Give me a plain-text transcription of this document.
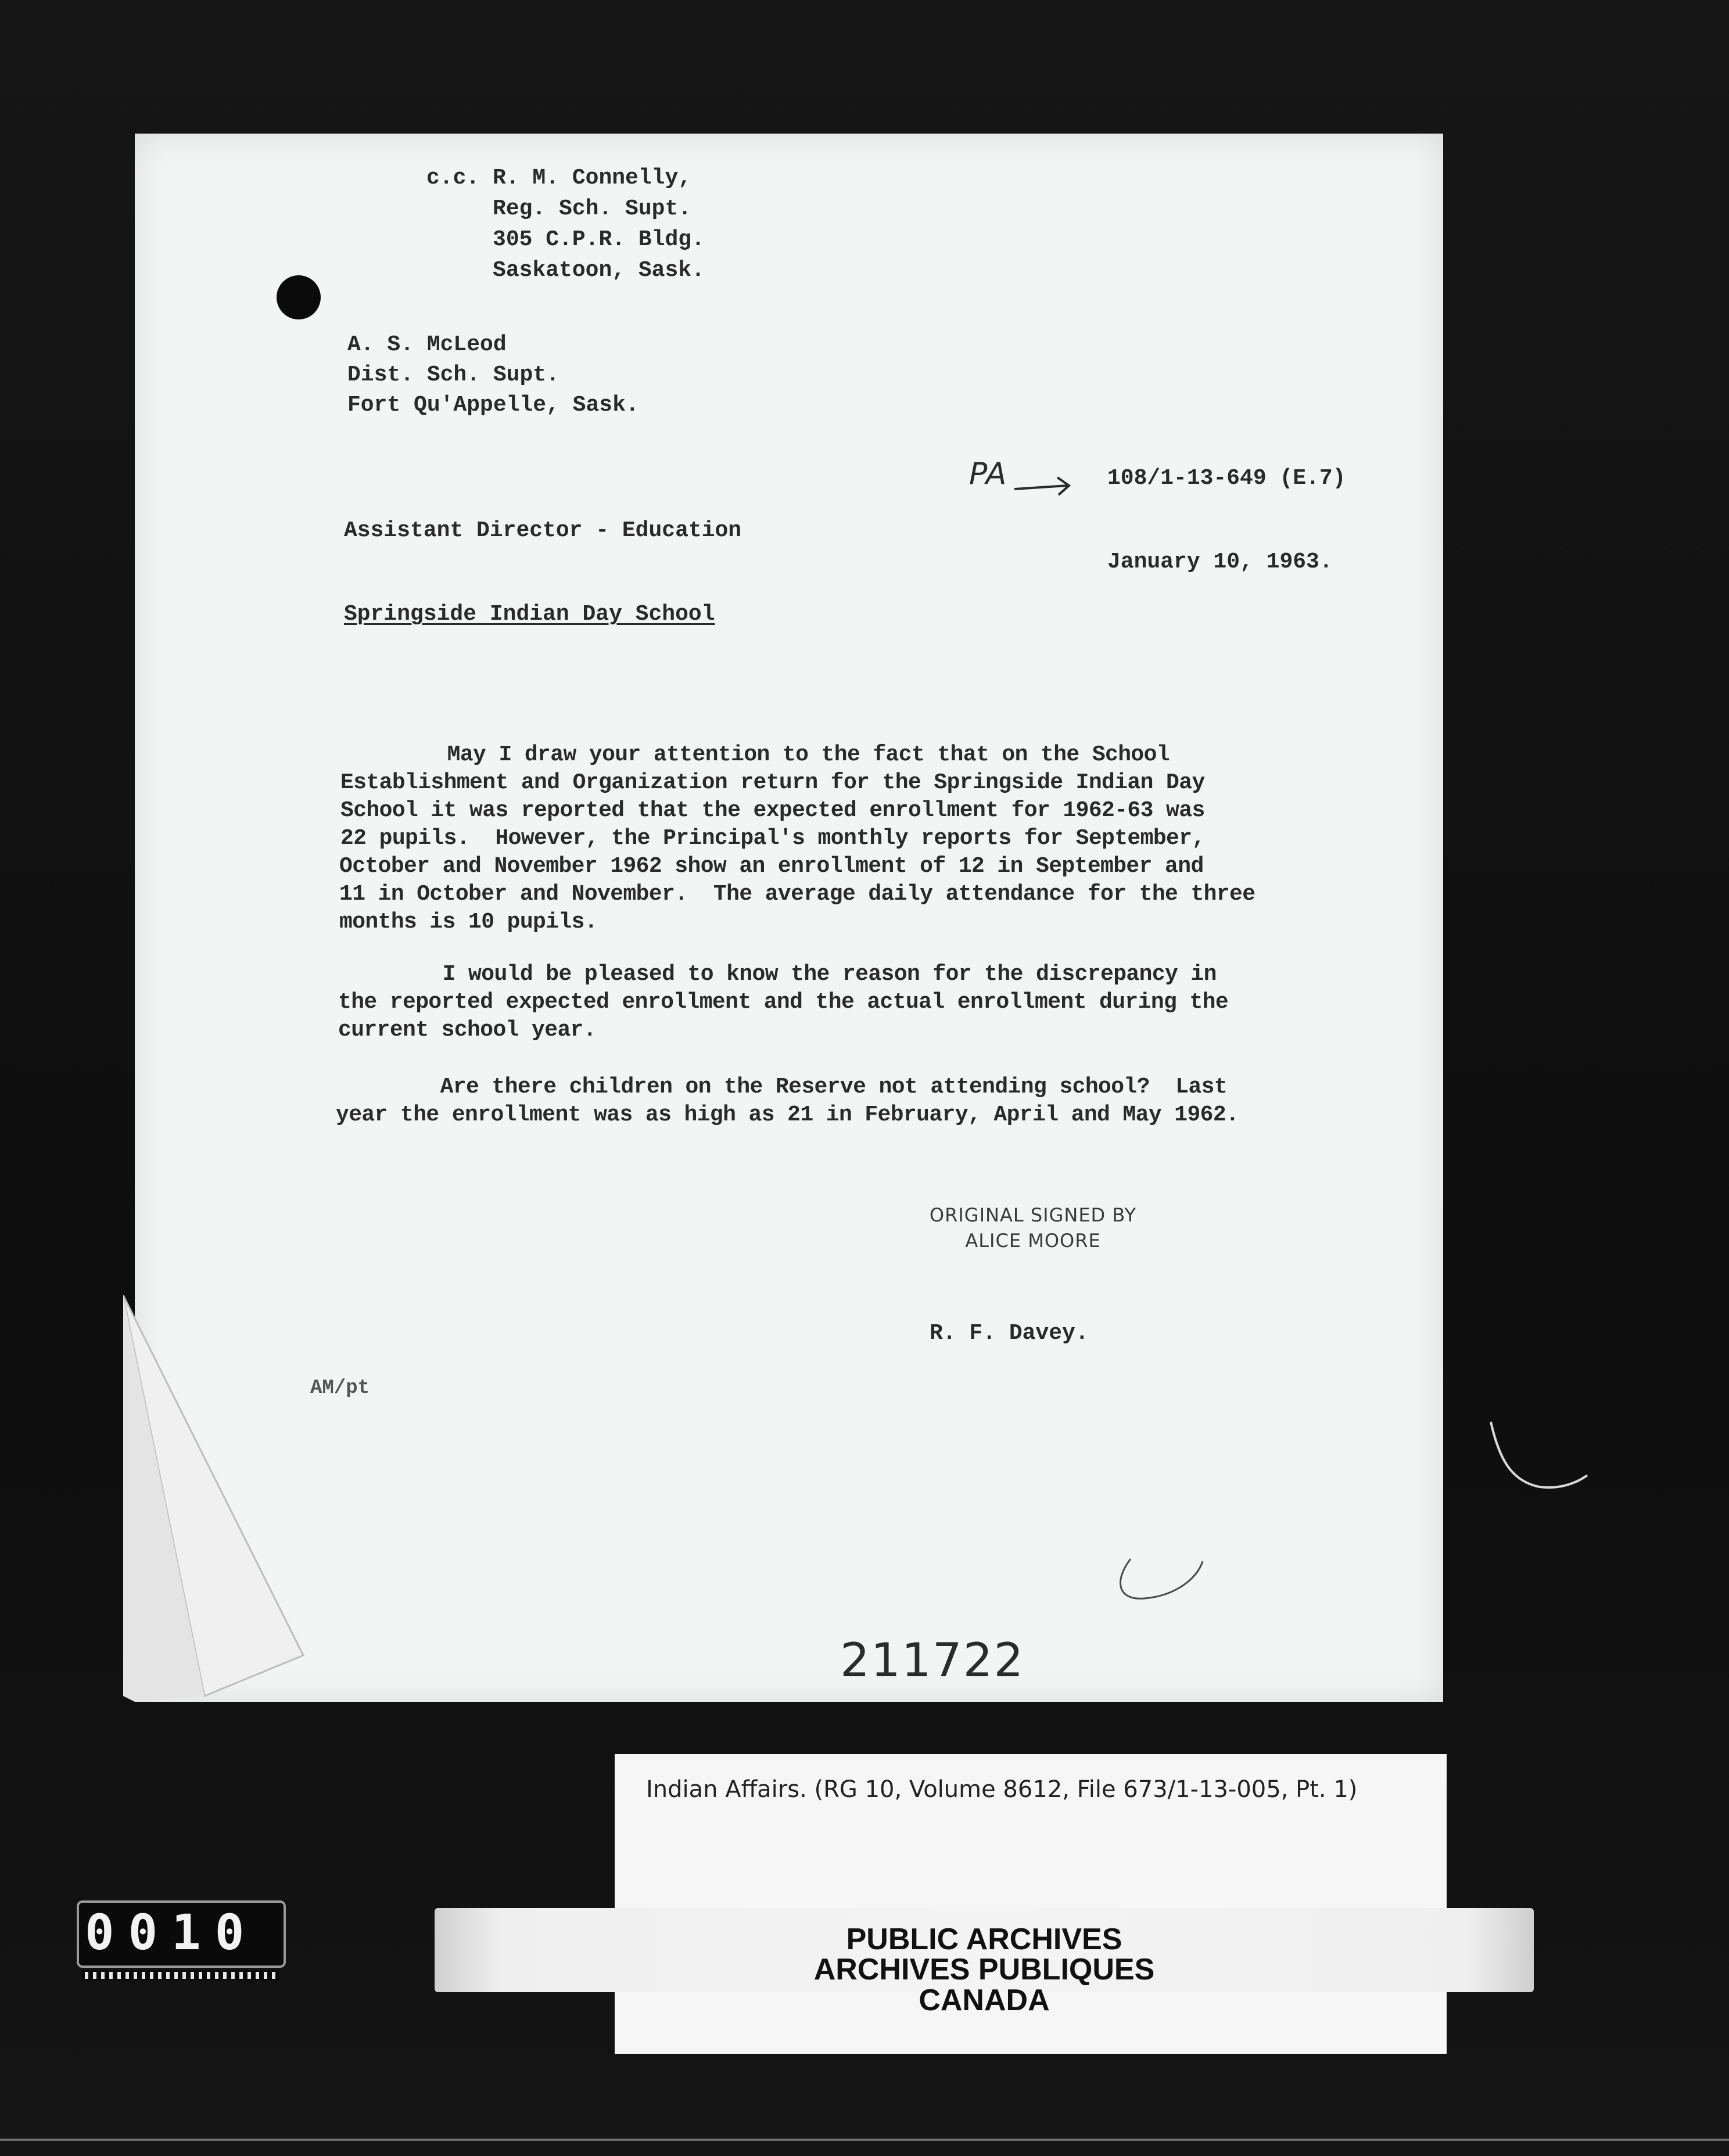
c.c. R. M. Connelly,
Reg. Sch. Supt.
305 C.P.R. Bldg.
Saskatoon, Sask.
A. S. McLeod
Dist. Sch. Supt.
Fort Qu'Appelle, Sask.
PA	108/1-13-649 (E.7)
Assistant Director - Education
January 10, 1963.
Springside Indian Day School
May I draw your attention to the fact that on the School
Establishment and Organization return for the Springside Indian Day
School it was reported that the expected enrollment for 1962-63 was
22 pupils.  However, the Principal's monthly reports for September,
October and November 1962 show an enrollment of 12 in September and
11 in October and November.  The average daily attendance for the three
months is 10 pupils.
I would be pleased to know the reason for the discrepancy in
the reported expected enrollment and the actual enrollment during the
current school year.
Are there children on the Reserve not attending school?  Last
year the enrollment was as high as 21 in February, April and May 1962.
ORIGINAL SIGNED BY
ALICE MOORE
R. F. Davey.
AM/pt
211722
Indian Affairs. (RG 10, Volume 8612, File 673/1-13-005, Pt. 1)
PUBLIC ARCHIVES
ARCHIVES PUBLIQUES
CANADA
0010
